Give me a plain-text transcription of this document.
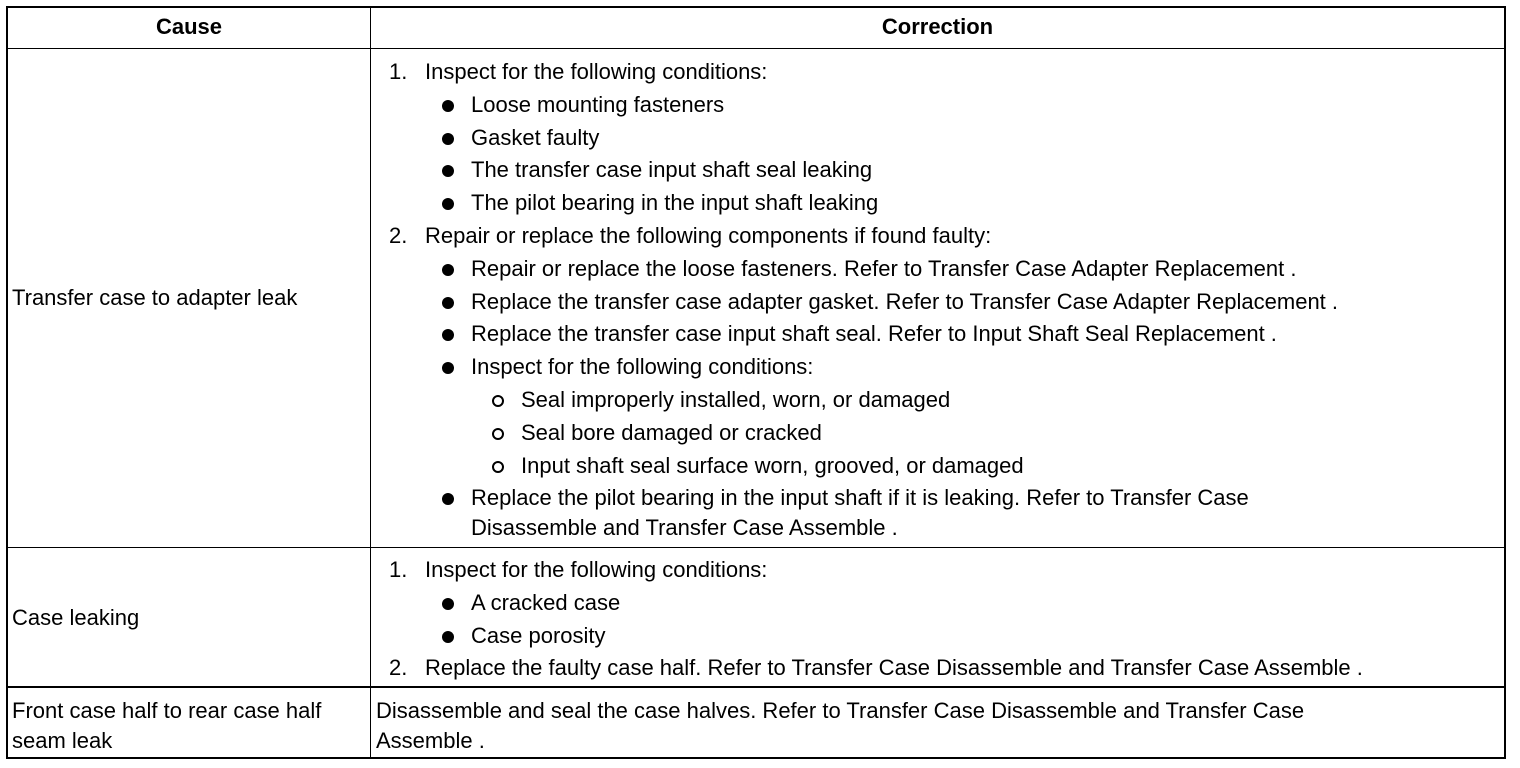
Cause	Correction
Transfer case to adapter leak
1. Inspect for the following conditions:
Loose mounting fasteners
Gasket faulty
The transfer case input shaft seal leaking
The pilot bearing in the input shaft leaking
2. Repair or replace the following components if found faulty:
Repair or replace the loose fasteners. Refer to Transfer Case Adapter Replacement .
Replace the transfer case adapter gasket. Refer to Transfer Case Adapter Replacement .
Replace the transfer case input shaft seal. Refer to Input Shaft Seal Replacement .
Inspect for the following conditions:
Seal improperly installed, worn, or damaged
Seal bore damaged or cracked
Input shaft seal surface worn, grooved, or damaged
Replace the pilot bearing in the input shaft if it is leaking. Refer to Transfer Case
Disassemble and Transfer Case Assemble .
Case leaking
1. Inspect for the following conditions:
A cracked case
Case porosity
2. Replace the faulty case half. Refer to Transfer Case Disassemble and Transfer Case Assemble .
Front case half to rear case half
seam leak
Disassemble and seal the case halves. Refer to Transfer Case Disassemble and Transfer Case
Assemble .
